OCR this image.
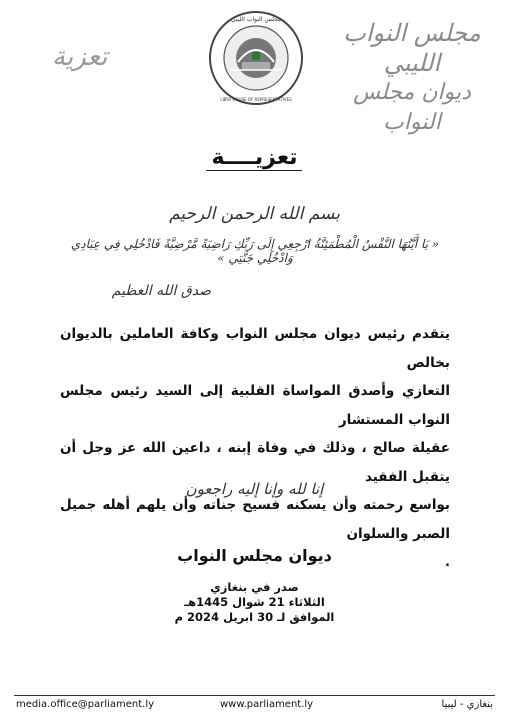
مجلس النواب الليبي
ديوان مجلس النواب
تعزية
مجلس النواب الليبي
LIBYA HOUSE OF REPRESENTATIVES
تعزيــــة
بسم الله الرحمن الرحيم
« يَا أَيَّتُهَا النَّفْسُ الْمُطْمَئِنَّةُ ارْجِعِي إِلَى رَبِّكِ رَاضِيَةً مَّرْضِيَّةً فَادْخُلِي فِي عِبَادِي وَادْخُلِي جَنَّتِي »
صدق الله العظيم

يتقدم رئيس ديوان مجلس النواب وكافة العاملين بالديوان بخالص

التعازي وأصدق المواساة القلبية إلى السيد رئيس مجلس النواب المستشار

عقيلة صالح ، وذلك في وفاة إبنه ، داعين الله عز وجل أن يتقبل الفقيد

بواسع رحمته وأن يسكنه فسيح جناته وأن يلهم أهله جميل الصبر والسلوان

.

إنا لله وإنا إليه راجعون
ديوان مجلس النواب
صدر في بنغازي
الثلاثاء 21 شوال 1445هـ
الموافق لـ 30 ابريل 2024 م
media.office@parliament.ly	www.parliament.ly	بنغازي - ليبيا
